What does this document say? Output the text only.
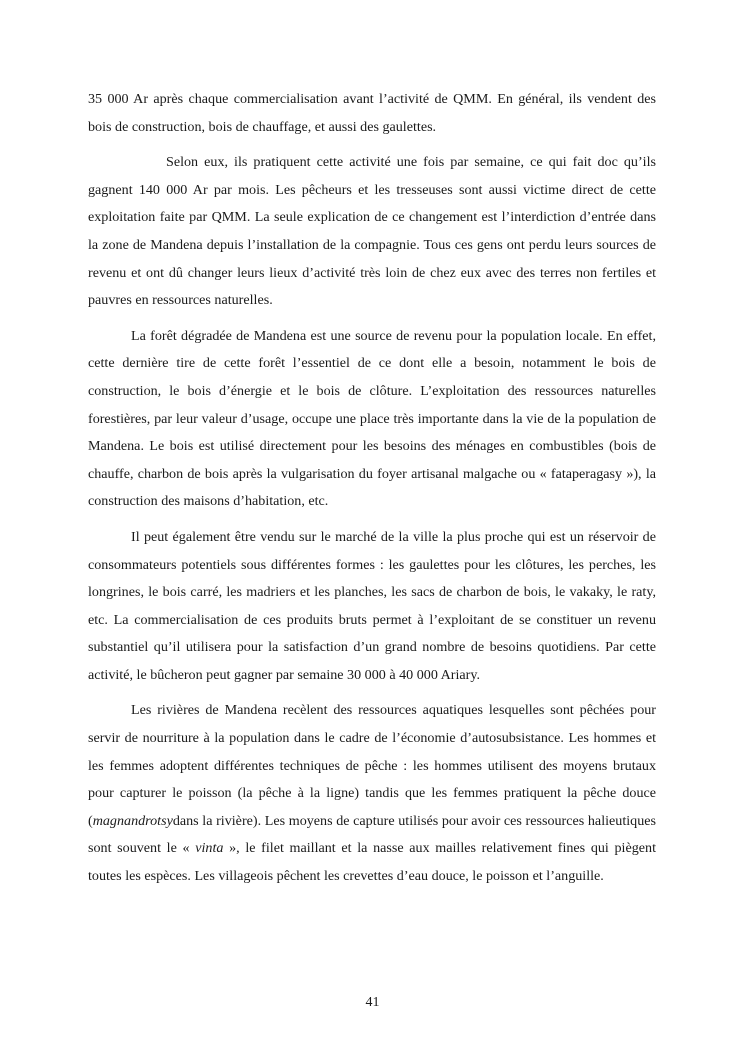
35 000 Ar après chaque commercialisation avant l’activité de QMM. En général, ils vendent des bois de construction, bois de chauffage, et aussi des gaulettes.

Selon eux, ils pratiquent cette activité une fois par semaine, ce qui fait doc qu’ils gagnent 140 000 Ar par mois. Les pêcheurs et les tresseuses sont aussi victime direct de cette exploitation faite par QMM. La seule explication de ce changement est l’interdiction d’entrée dans la zone de Mandena depuis l’installation de la compagnie. Tous ces gens ont perdu leurs sources de revenu et ont dû changer leurs lieux d’activité très loin de chez eux avec des terres non fertiles et pauvres en ressources naturelles.

La forêt dégradée de Mandena est une source de revenu pour la population locale. En effet, cette dernière tire de cette forêt l’essentiel de ce dont elle a besoin, notamment le bois de construction, le bois d’énergie et le bois de clôture. L’exploitation des ressources naturelles forestières, par leur valeur d’usage, occupe une place très importante dans la vie de la population de Mandena. Le bois est utilisé directement pour les besoins des ménages en combustibles (bois de chauffe, charbon de bois après la vulgarisation du foyer artisanal malgache ou « fataperagasy »), la construction des maisons d’habitation, etc.

Il peut également être vendu sur le marché de la ville la plus proche qui est un réservoir de consommateurs potentiels sous différentes formes : les gaulettes pour les clôtures, les perches, les longrines, le bois carré, les madriers et les planches, les sacs de charbon de bois, le vakaky, le raty, etc. La commercialisation de ces produits bruts permet à l’exploitant de se constituer un revenu substantiel qu’il utilisera pour la satisfaction d’un grand nombre de besoins quotidiens. Par cette activité, le bûcheron peut gagner par semaine 30 000 à 40 000 Ariary.

Les rivières de Mandena recèlent des ressources aquatiques lesquelles sont pêchées pour servir de nourriture à la population dans le cadre de l’économie d’autosubsistance. Les hommes et les femmes adoptent différentes techniques de pêche : les hommes utilisent des moyens brutaux pour capturer le poisson (la pêche à la ligne) tandis que les femmes pratiquent la pêche douce (magnandrotsydans la rivière). Les moyens de capture utilisés pour avoir ces ressources halieutiques sont souvent le « vinta », le filet maillant et la nasse aux mailles relativement fines qui piègent toutes les espèces. Les villageois pêchent les crevettes d’eau douce, le poisson et l’anguille.

41
